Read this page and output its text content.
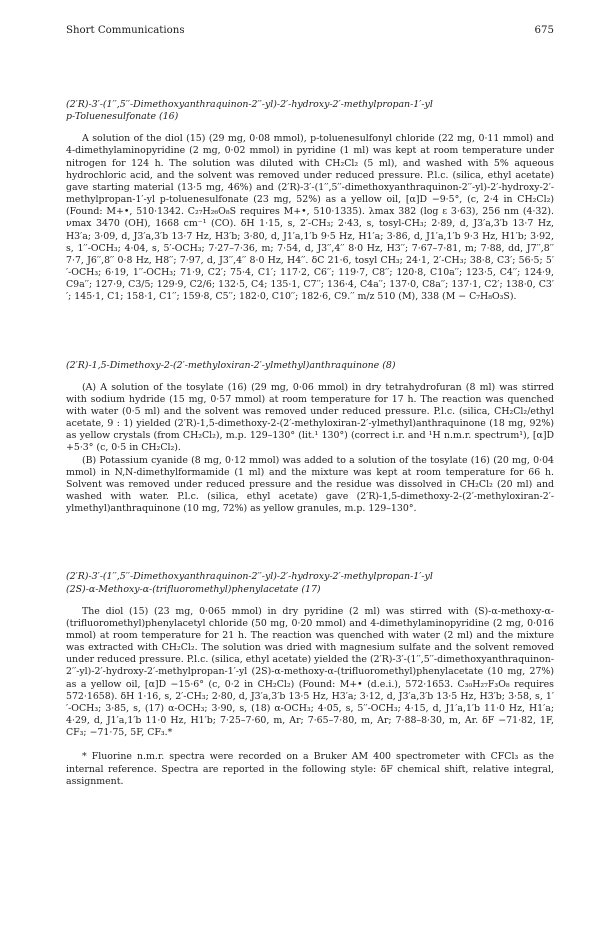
Short Communications	675

(2′R)-3′-(1′′,5′′-Dimethoxyanthraquinon-2′′-yl)-2′-hydroxy-2′-methylpropan-1′-yl
p-Toluenesulfonate (16)

A solution of the diol (15) (29 mg, 0·08 mmol), p-toluenesulfonyl chloride (22 mg, 0·11 mmol) and 4-dimethylaminopyridine (2 mg, 0·02 mmol) in pyridine (1 ml) was kept at room temperature under nitrogen for 124 h. The solution was diluted with CH₂Cl₂ (5 ml), and washed with 5% aqueous hydrochloric acid, and the solvent was removed under reduced pressure. P.l.c. (silica, ethyl acetate) gave starting material (13·5 mg, 46%) and (2′R)-3′-(1′′,5′′-dimethoxyanthraquinon-2′′-yl)-2′-hydroxy-2′-methylpropan-1′-yl p-toluenesulfonate (23 mg, 52%) as a yellow oil, [α]D −9·5°, (c, 2·4 in CH₂Cl₂) (Found: M+•, 510·1342. C₂₇H₂₆O₈S requires M+•, 510·1335). λmax 382 (log ε 3·63), 256 nm (4·32). νmax 3470 (OH), 1668 cm⁻¹ (CO). δH 1·15, s, 2′-CH₃; 2·43, s, tosyl-CH₃; 2·89, d, J3′a,3′b 13·7 Hz, H3′a; 3·09, d, J3′a,3′b 13·7 Hz, H3′b; 3·80, d, J1′a,1′b 9·5 Hz, H1′a; 3·86, d, J1′a,1′b 9·3 Hz, H1′b; 3·92, s, 1′′-OCH₃; 4·04, s, 5′-OCH₃; 7·27–7·36, m; 7·54, d, J3′′,4′′ 8·0 Hz, H3′′; 7·67–7·81, m; 7·88, dd, J7′′,8′′ 7·7, J6′′,8′′ 0·8 Hz, H8′′; 7·97, d, J3′′,4′′ 8·0 Hz, H4′′. δC 21·6, tosyl CH₃; 24·1, 2′-CH₃; 38·8, C3′; 56·5; 5′′-OCH₃; 6·19, 1′′-OCH₃; 71·9, C2′; 75·4, C1′; 117·2, C6′′; 119·7, C8′′; 120·8, C10a′′; 123·5, C4′′; 124·9, C9a′′; 127·9, C3/5; 129·9, C2/6; 132·5, C4; 135·1, C7′′; 136·4, C4a′′; 137·0, C8a′′; 137·1, C2′; 138·0, C3′′; 145·1, C1; 158·1, C1′′; 159·8, C5′′; 182·0, C10′′; 182·6, C9.′′ m/z 510 (M), 338 (M − C₇H₈O₃S).

(2′R)-1,5-Dimethoxy-2-(2′-methyloxiran-2′-ylmethyl)anthraquinone (8)

(A) A solution of the tosylate (16) (29 mg, 0·06 mmol) in dry tetrahydrofuran (8 ml) was stirred with sodium hydride (15 mg, 0·57 mmol) at room temperature for 17 h. The reaction was quenched with water (0·5 ml) and the solvent was removed under reduced pressure. P.l.c. (silica, CH₂Cl₂/ethyl acetate, 9 : 1) yielded (2′R)-1,5-dimethoxy-2-(2′-methyloxiran-2′-ylmethyl)anthraquinone (18 mg, 92%) as yellow crystals (from CH₂Cl₂), m.p. 129–130° (lit.¹ 130°) (correct i.r. and ¹H n.m.r. spectrum¹), [α]D +5·3° (c, 0·5 in CH₂Cl₂).

(B) Potassium cyanide (8 mg, 0·12 mmol) was added to a solution of the tosylate (16) (20 mg, 0·04 mmol) in N,N-dimethylformamide (1 ml) and the mixture was kept at room temperature for 66 h. Solvent was removed under reduced pressure and the residue was dissolved in CH₂Cl₂ (20 ml) and washed with water. P.l.c. (silica, ethyl acetate) gave (2′R)-1,5-dimethoxy-2-(2′-methyloxiran-2′-ylmethyl)anthraquinone (10 mg, 72%) as yellow granules, m.p. 129–130°.

(2′R)-3′-(1′′,5′′-Dimethoxyanthraquinon-2′′-yl)-2′-hydroxy-2′-methylpropan-1′-yl
(2S)-α-Methoxy-α-(trifluoromethyl)phenylacetate (17)

The diol (15) (23 mg, 0·065 mmol) in dry pyridine (2 ml) was stirred with (S)-α-methoxy-α-(trifluoromethyl)phenylacetyl chloride (50 mg, 0·20 mmol) and 4-dimethylaminopyridine (2 mg, 0·016 mmol) at room temperature for 21 h. The reaction was quenched with water (2 ml) and the mixture was extracted with CH₂Cl₂. The solution was dried with magnesium sulfate and the solvent removed under reduced pressure. P.l.c. (silica, ethyl acetate) yielded the (2′R)-3′-(1′′,5′′-dimethoxyanthraquinon-2′′-yl)-2′-hydroxy-2′-methylpropan-1′-yl (2S)-α-methoxy-α-(trifluoromethyl)phenylacetate (10 mg, 27%) as a yellow oil, [α]D −15·6° (c, 0·2 in CH₂Cl₂) (Found: M+• (d.e.i.), 572·1653. C₃₀H₂₇F₃O₈ requires 572·1658). δH 1·16, s, 2′-CH₃; 2·80, d, J3′a,3′b 13·5 Hz, H3′a; 3·12, d, J3′a,3′b 13·5 Hz, H3′b; 3·58, s, 1′′-OCH₃; 3·85, s, (17) α-OCH₃; 3·90, s, (18) α-OCH₃; 4·05, s, 5′′-OCH₃; 4·15, d, J1′a,1′b 11·0 Hz, H1′a; 4·29, d, J1′a,1′b 11·0 Hz, H1′b; 7·25–7·60, m, Ar; 7·65–7·80, m, Ar; 7·88–8·30, m, Ar. δF −71·82, 1F, CF₃; −71·75, 5F, CF₃.*

* Fluorine n.m.r. spectra were recorded on a Bruker AM 400 spectrometer with CFCl₃ as the internal reference. Spectra are reported in the following style: δF chemical shift, relative integral, assignment.
